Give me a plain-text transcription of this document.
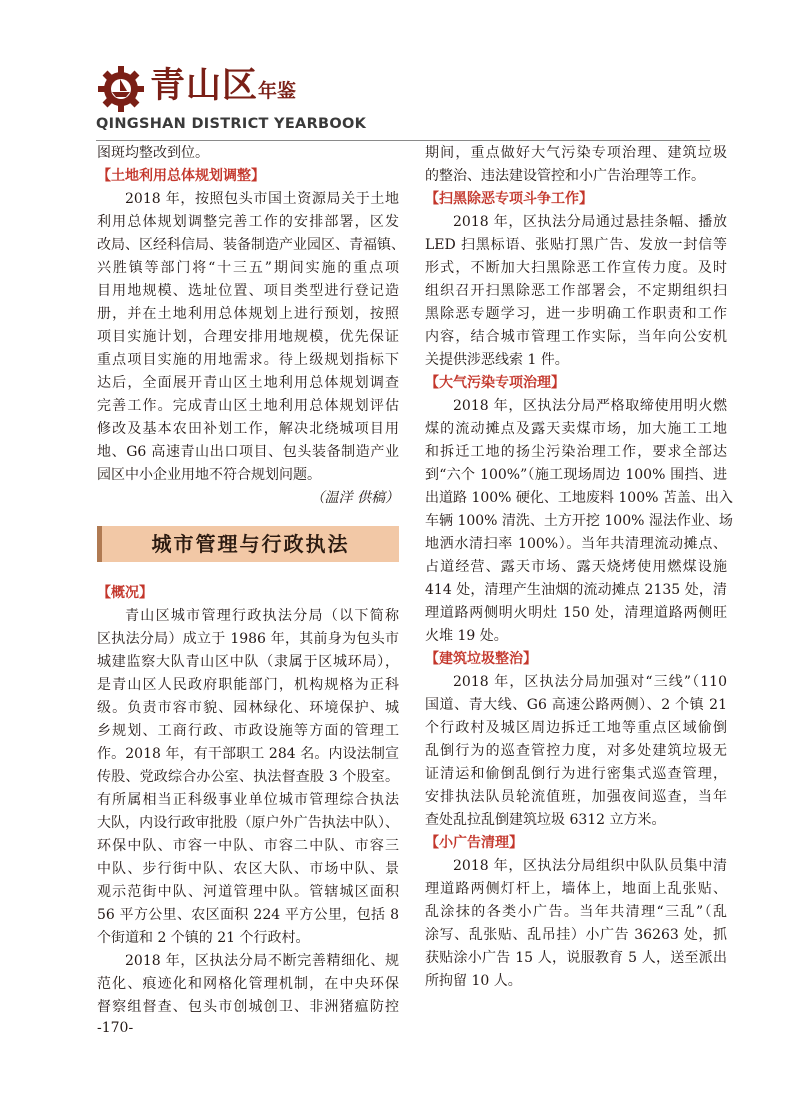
青山区年鉴
QINGSHAN DISTRICT YEARBOOK
图斑均整改到位。
【土地利用总体规划调整】
2018 年，按照包头市国土资源局关于土地
利用总体规划调整完善工作的安排部署，区发
改局、区经科信局、装备制造产业园区、青福镇、
兴胜镇等部门将“十三五”期间实施的重点项
目用地规模、选址位置、项目类型进行登记造
册，并在土地利用总体规划上进行预划，按照
项目实施计划，合理安排用地规模，优先保证
重点项目实施的用地需求。待上级规划指标下
达后，全面展开青山区土地利用总体规划调查
完善工作。完成青山区土地利用总体规划评估
修改及基本农田补划工作，解决北绕城项目用
地、G6 高速青山出口项目、包头装备制造产业
园区中小企业用地不符合规划问题。
（温洋 供稿）
城市管理与行政执法
【概况】
青山区城市管理行政执法分局（以下简称
区执法分局）成立于 1986 年，其前身为包头市
城建监察大队青山区中队（隶属于区城环局），
是青山区人民政府职能部门，机构规格为正科
级。负责市容市貌、园林绿化、环境保护、城
乡规划、工商行政、市政设施等方面的管理工
作。2018 年，有干部职工 284 名。内设法制宣
传股、党政综合办公室、执法督查股 3 个股室。
有所属相当正科级事业单位城市管理综合执法
大队，内设行政审批股（原户外广告执法中队）、
环保中队、市容一中队、市容二中队、市容三
中队、步行街中队、农区大队、市场中队、景
观示范街中队、河道管理中队。管辖城区面积
56 平方公里、农区面积 224 平方公里，包括 8
个街道和 2 个镇的 21 个行政村。
2018 年，区执法分局不断完善精细化、规
范化、痕迹化和网格化管理机制，在中央环保
督察组督查、包头市创城创卫、非洲猪瘟防控
期间，重点做好大气污染专项治理、建筑垃圾
的整治、违法建设管控和小广告治理等工作。
【扫黑除恶专项斗争工作】
2018 年，区执法分局通过悬挂条幅、播放
LED 扫黑标语、张贴打黑广告、发放一封信等
形式，不断加大扫黑除恶工作宣传力度。及时
组织召开扫黑除恶工作部署会，不定期组织扫
黑除恶专题学习，进一步明确工作职责和工作
内容，结合城市管理工作实际，当年向公安机
关提供涉恶线索 1 件。
【大气污染专项治理】
2018 年，区执法分局严格取缔使用明火燃
煤的流动摊点及露天卖煤市场，加大施工工地
和拆迁工地的扬尘污染治理工作，要求全部达
到“六个 100%”（施工现场周边 100% 围挡、进
出道路 100% 硬化、工地废料 100% 苫盖、出入
车辆 100% 清洗、土方开挖 100% 湿法作业、场
地洒水清扫率 100%）。当年共清理流动摊点、
占道经营、露天市场、露天烧烤使用燃煤设施
414 处，清理产生油烟的流动摊点 2135 处，清
理道路两侧明火明灶 150 处，清理道路两侧旺
火堆 19 处。
【建筑垃圾整治】
2018 年，区执法分局加强对“三线”（110
国道、青大线、G6 高速公路两侧）、2 个镇 21
个行政村及城区周边拆迁工地等重点区域偷倒
乱倒行为的巡查管控力度，对多处建筑垃圾无
证清运和偷倒乱倒行为进行密集式巡查管理，
安排执法队员轮流值班，加强夜间巡查，当年
查处乱拉乱倒建筑垃圾 6312 立方米。
【小广告清理】
2018 年，区执法分局组织中队队员集中清
理道路两侧灯杆上，墙体上，地面上乱张贴、
乱涂抹的各类小广告。当年共清理“三乱”（乱
涂写、乱张贴、乱吊挂）小广告 36263 处，抓
获贴涂小广告 15 人，说服教育 5 人，送至派出
所拘留 10 人。
-170-
